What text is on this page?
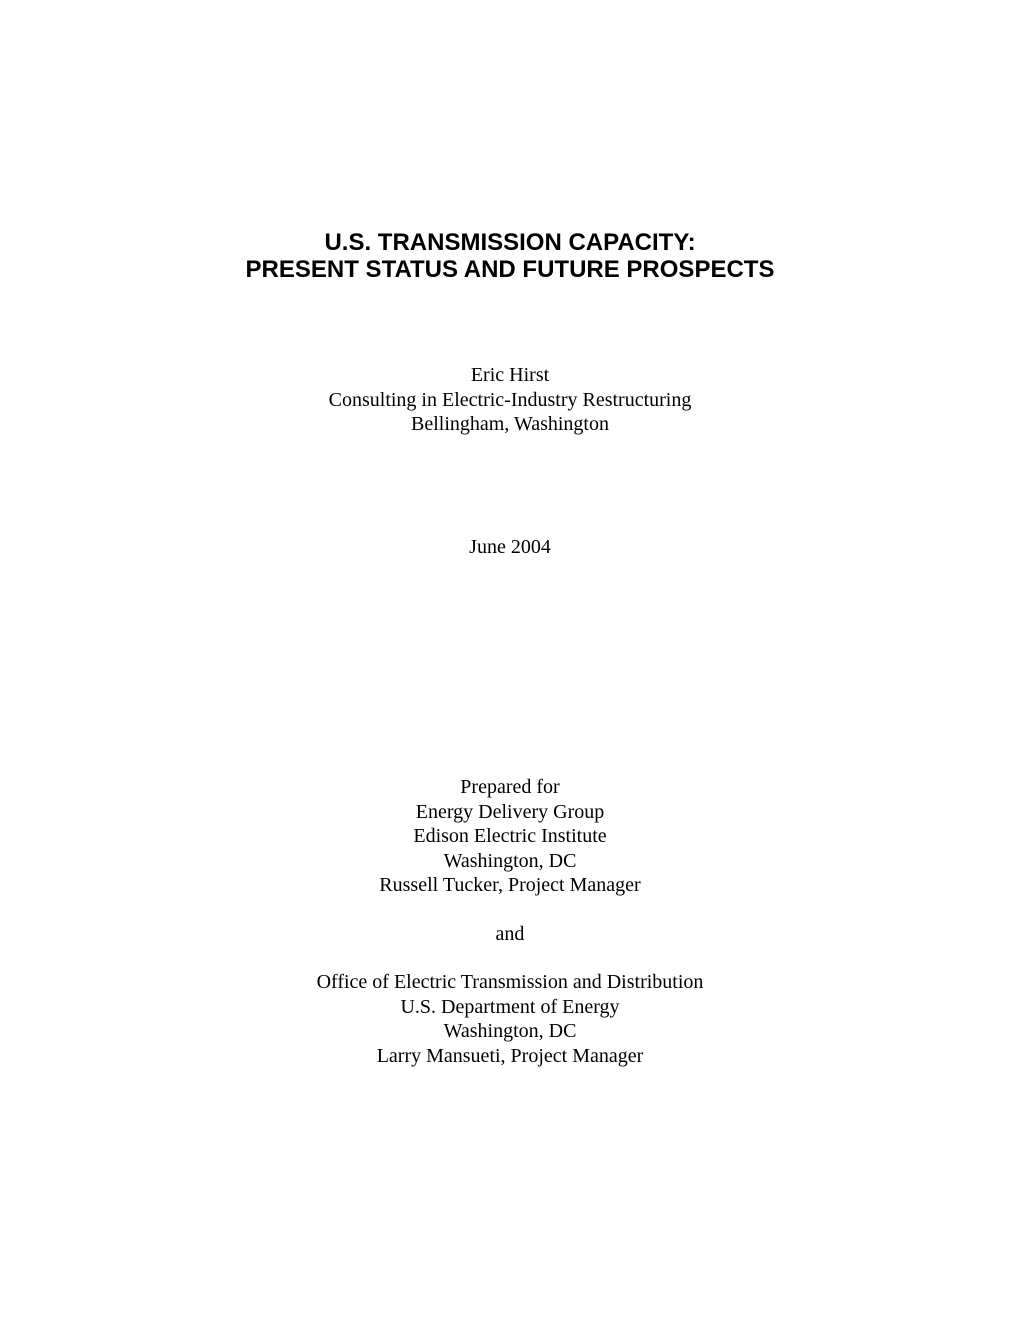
U.S. TRANSMISSION CAPACITY:
PRESENT STATUS AND FUTURE PROSPECTS
Eric Hirst
Consulting in Electric-Industry Restructuring
Bellingham, Washington
June 2004
Prepared for
Energy Delivery Group
Edison Electric Institute
Washington, DC
Russell Tucker, Project Manager
and
Office of Electric Transmission and Distribution
U.S. Department of Energy
Washington, DC
Larry Mansueti, Project Manager
